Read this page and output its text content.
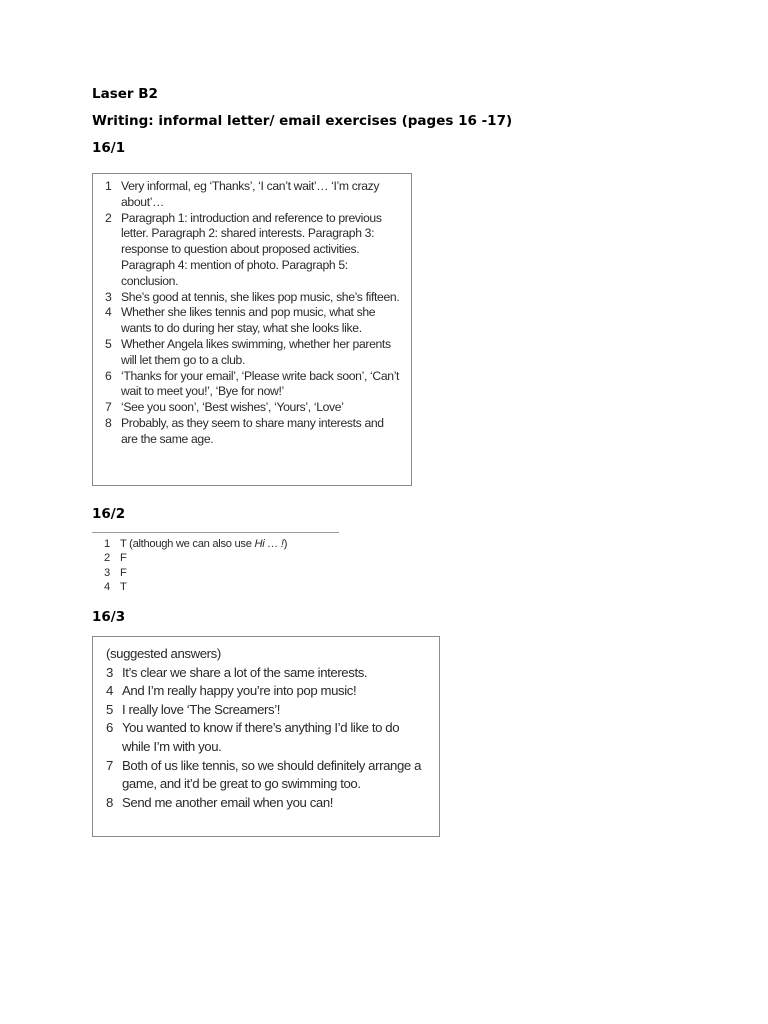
Laser B2

Writing: informal letter/ email exercises (pages 16 -17)

16/1

1 Very informal, eg ‘Thanks’, ‘I can’t wait’… ‘I’m crazy about’…
2 Paragraph 1: introduction and reference to previous letter. Paragraph 2: shared interests. Paragraph 3: response to question about proposed activities. Paragraph 4: mention of photo. Paragraph 5: conclusion.
3 She’s good at tennis, she likes pop music, she’s fifteen.
4 Whether she likes tennis and pop music, what she wants to do during her stay, what she looks like.
5 Whether Angela likes swimming, whether her parents will let them go to a club.
6 ‘Thanks for your email’, ‘Please write back soon’, ‘Can’t wait to meet you!’, ‘Bye for now!’
7 ‘See you soon’, ‘Best wishes’, ‘Yours’, ‘Love’
8 Probably, as they seem to share many interests and are the same age.

16/2

1 T (although we can also use Hi … !)
2 F
3 F
4 T

16/3

(suggested answers)
3 It’s clear we share a lot of the same interests.
4 And I’m really happy you’re into pop music!
5 I really love ‘The Screamers’!
6 You wanted to know if there’s anything I’d like to do while I’m with you.
7 Both of us like tennis, so we should definitely arrange a game, and it’d be great to go swimming too.
8 Send me another email when you can!
